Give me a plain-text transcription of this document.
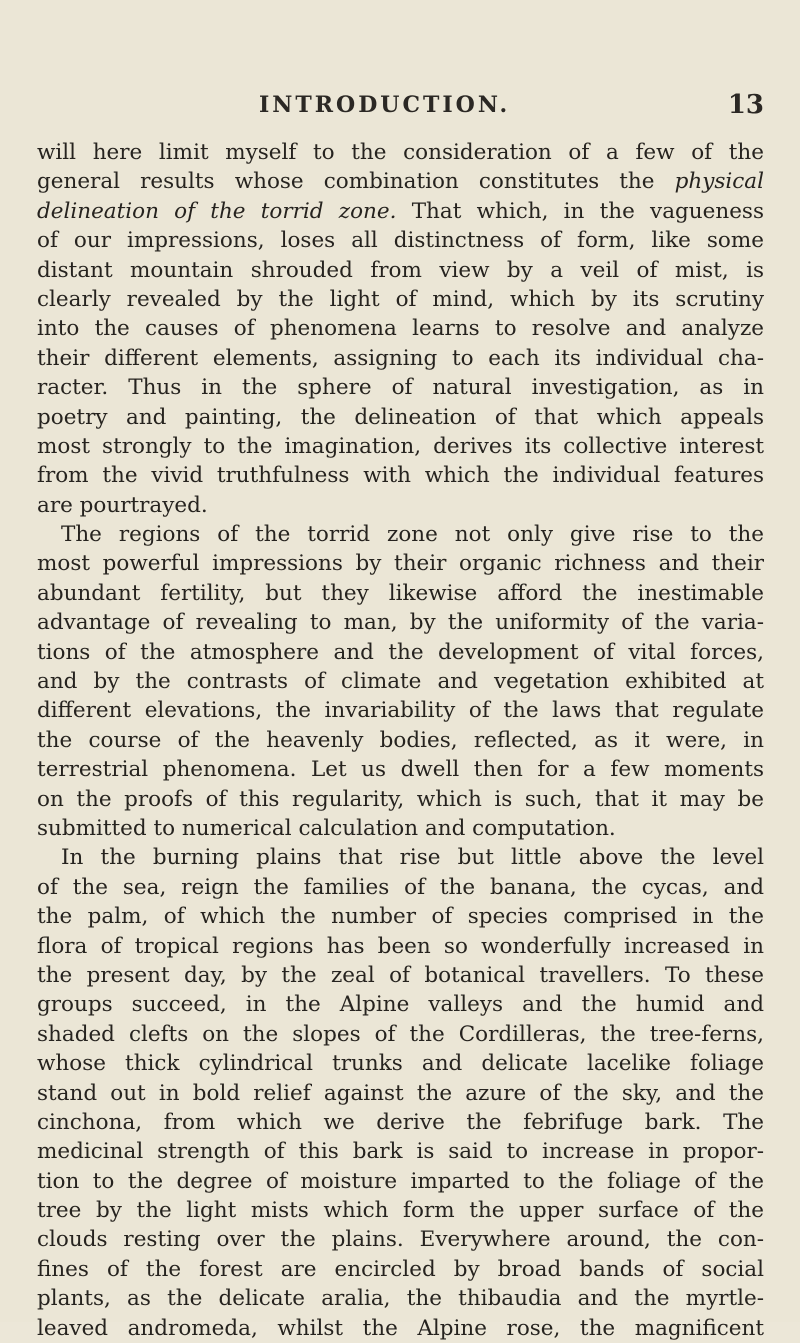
INTRODUCTION.	13
will here limit myself to the consideration of a few of the
general results whose combination constitutes the physical
delineation of the torrid zone. That which, in the vagueness
of our impressions, loses all distinctness of form, like some
distant mountain shrouded from view by a veil of mist, is
clearly revealed by the light of mind, which by its scrutiny
into the causes of phenomena learns to resolve and analyze
their different elements, assigning to each its individual cha-
racter. Thus in the sphere of natural investigation, as in
poetry and painting, the delineation of that which appeals
most strongly to the imagination, derives its collective interest
from the vivid truthfulness with which the individual features
are pourtrayed.
The regions of the torrid zone not only give rise to the
most powerful impressions by their organic richness and their
abundant fertility, but they likewise afford the inestimable
advantage of revealing to man, by the uniformity of the varia-
tions of the atmosphere and the development of vital forces,
and by the contrasts of climate and vegetation exhibited at
different elevations, the invariability of the laws that regulate
the course of the heavenly bodies, reflected, as it were, in
terrestrial phenomena. Let us dwell then for a few moments
on the proofs of this regularity, which is such, that it may be
submitted to numerical calculation and computation.
In the burning plains that rise but little above the level
of the sea, reign the families of the banana, the cycas, and
the palm, of which the number of species comprised in the
flora of tropical regions has been so wonderfully increased in
the present day, by the zeal of botanical travellers. To these
groups succeed, in the Alpine valleys and the humid and
shaded clefts on the slopes of the Cordilleras, the tree-ferns,
whose thick cylindrical trunks and delicate lacelike foliage
stand out in bold relief against the azure of the sky, and the
cinchona, from which we derive the febrifuge bark. The
medicinal strength of this bark is said to increase in propor-
tion to the degree of moisture imparted to the foliage of the
tree by the light mists which form the upper surface of the
clouds resting over the plains. Everywhere around, the con-
fines of the forest are encircled by broad bands of social
plants, as the delicate aralia, the thibaudia and the myrtle-
leaved andromeda, whilst the Alpine rose, the magnificent
